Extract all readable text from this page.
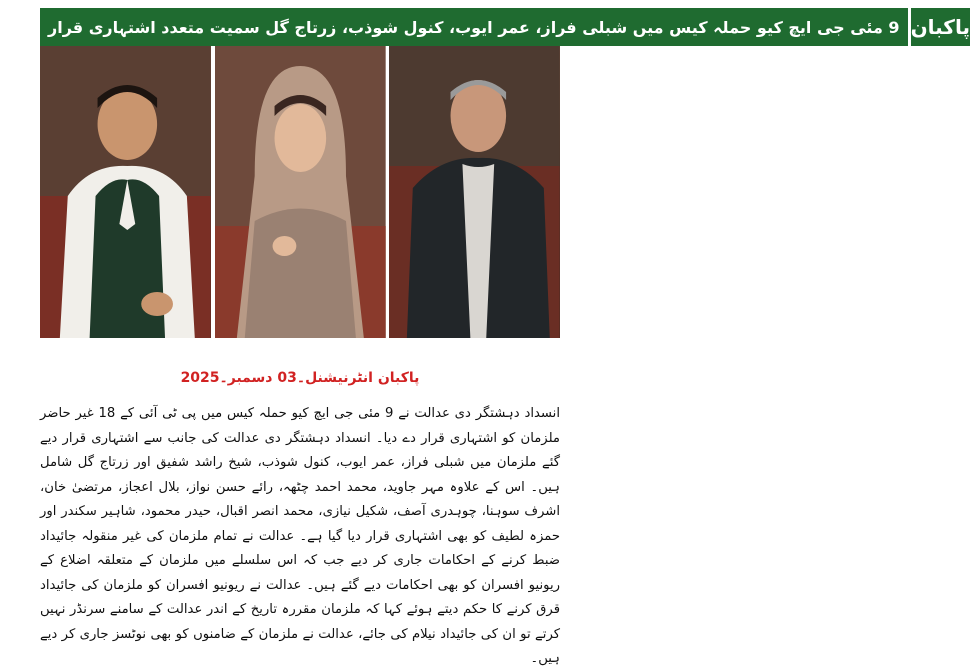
9 مئی جی ایچ کیو حملہ کیس میں شبلی فراز، عمر ایوب، کنول شوذب، زرتاج گل سمیت متعدد اشتہاری قرار پاکبان
پاکبان انٹرنیشنل۔03 دسمبر۔2025
انسداد دہشتگر دی عدالت نے 9 مئی جی ایچ کیو حملہ کیس میں پی ٹی آئی کے 18 غیر حاضر ملزمان کو اشتہاری قرار دے دیا۔ انسداد دہشتگر دی عدالت کی جانب سے اشتہاری قرار دیے گئے ملزمان میں شبلی فراز، عمر ایوب، کنول شوذب، شیخ راشد شفیق اور زرتاج گل شامل ہیں۔ اس کے علاوہ مہر جاوید، محمد احمد چٹھہ، رائے حسن نواز، بلال اعجاز، مرتضیٰ خان، اشرف سوہنا، چوہدری آصف، شکیل نیازی، محمد انصر اقبال، حیدر محمود، شاہیر سکندر اور حمزہ لطیف کو بھی اشتہاری قرار دیا گیا ہے۔ عدالت نے تمام ملزمان کی غیر منقولہ جائیداد ضبط کرنے کے احکامات جاری کر دیے جب کہ اس سلسلے میں ملزمان کے متعلقہ اضلاع کے ریونیو افسران کو بھی احکامات دیے گئے ہیں۔ عدالت نے ریونیو افسران کو ملزمان کی جائیداد قرق کرنے کا حکم دیتے ہوئے کہا کہ ملزمان مقررہ تاریخ کے اندر عدالت کے سامنے سرنڈر نہیں کرتے تو ان کی جائیداد نیلام کی جائے، عدالت نے ملزمان کے ضامنوں کو بھی نوٹسز جاری کر دیے ہیں۔
